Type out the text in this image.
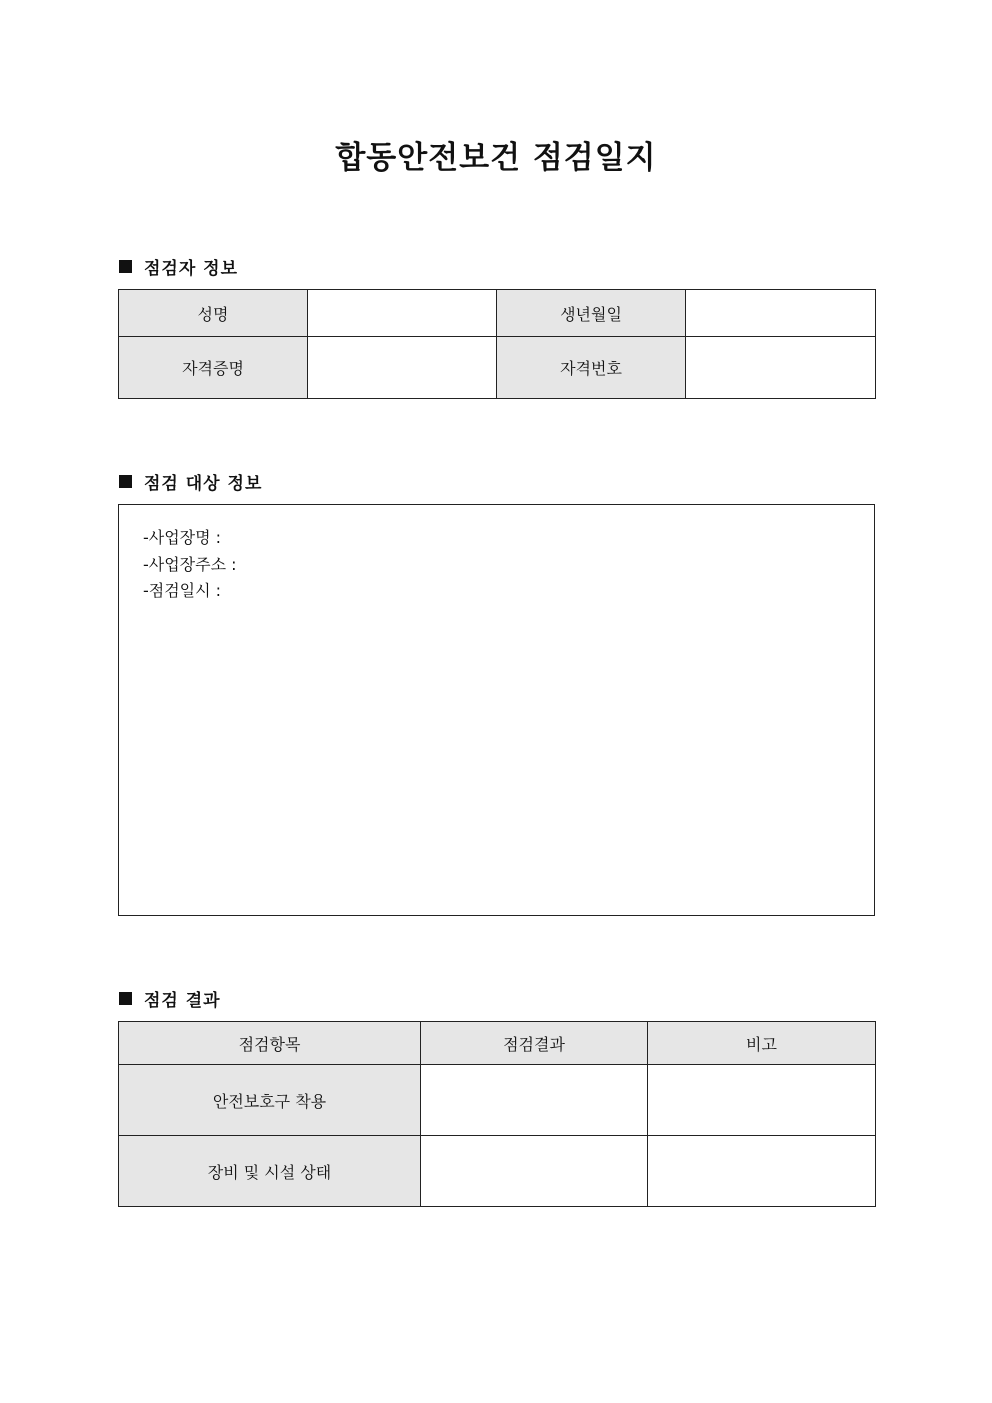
합동안전보건 점검일지
점검자 정보
성명		생년월일	
자격증명		자격번호	
점검 대상 정보
-사업장명 :
-사업장주소 :
-점검일시 :
점검 결과
점검항목	점검결과	비고
안전보호구 착용		
장비 및 시설 상태		
